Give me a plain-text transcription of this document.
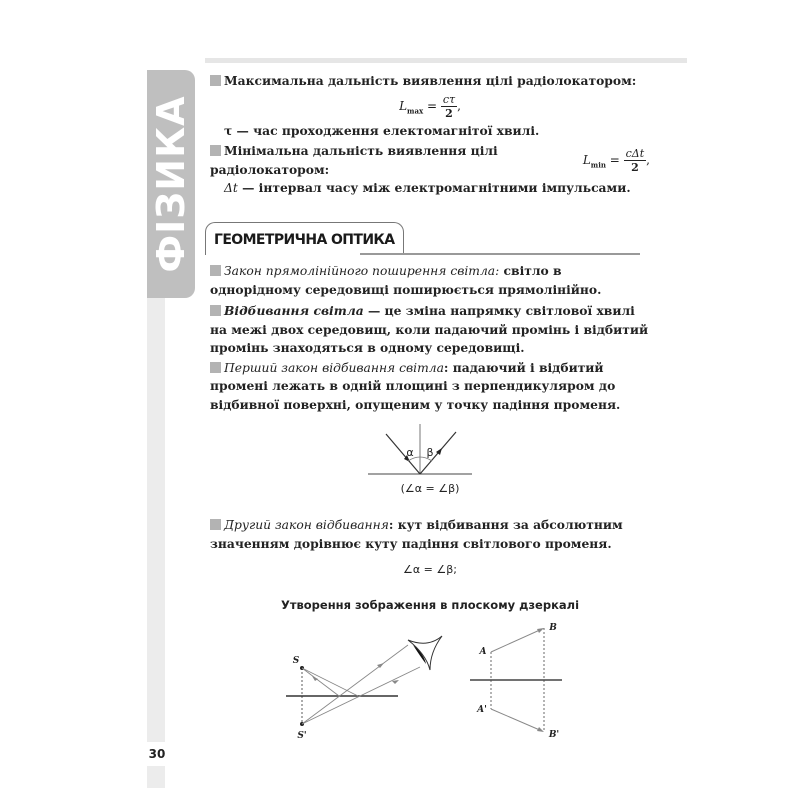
ФІЗИКА
30
Максимальна дальність виявлення цілі радіолокатором:
$L_{max} = \frac{c\tau}{2}$ ,
τ — час проходження електомагнітої хвилі.
Мінімальна дальність виявлення цілі радіолокатором:
$L_{min} = \frac{\text{cΔt}}{2}$ ,
Δt — інтервал часу між електромагнітними імпульсами.
ГЕОМЕТРИЧНА ОПТИКА
Закон прямолінійного поширення світла: світло в однорідному середовищі поширюється прямолінійно.
Відбивання світла — це зміна напрямку світлової хвилі на межі двох середовищ, коли падаючий промінь і відбитий промінь знаходяться в одному середовищі.
Перший закон відбивання світла: падаючий і відбитий промені лежать в одній площині з перпендикуляром до відбивної поверхні, опущеним у точку падіння променя.
α β
(∠α = ∠β)
Другий закон відбивання: кут відбивання за абсолютним значенням дорівнює куту падіння світлового променя.
∠α = ∠β;
Утворення зображення в плоскому дзеркалі
S
S'
A
B
A'
B'
